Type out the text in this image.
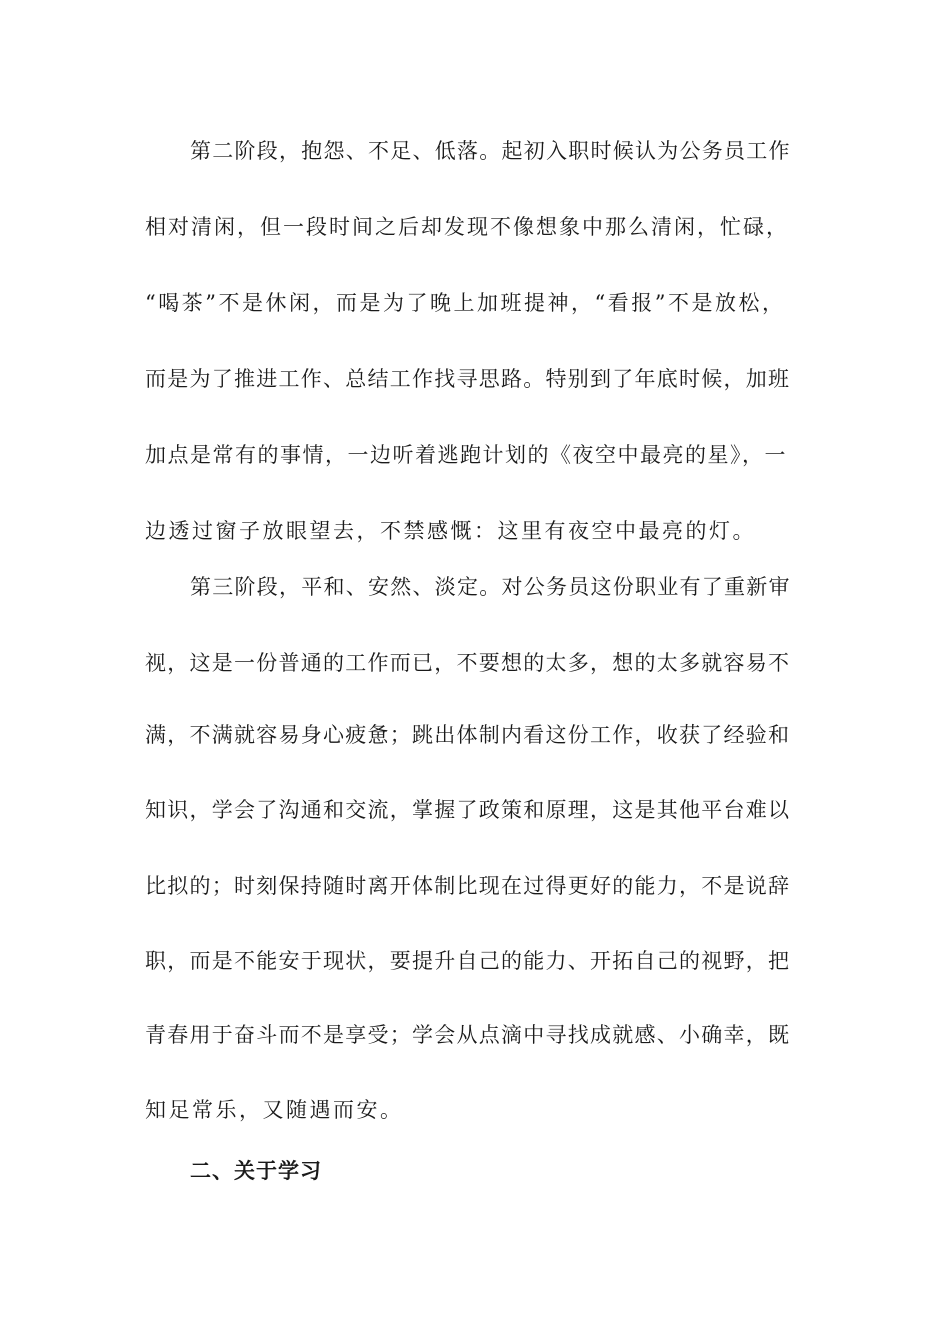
第二阶段，抱怨、不足、低落。起初入职时候认为公务员工作
相对清闲，但一段时间之后却发现不像想象中那么清闲，忙碌，
“喝茶”不是休闲，而是为了晚上加班提神，“看报”不是放松，
而是为了推进工作、总结工作找寻思路。特别到了年底时候，加班
加点是常有的事情，一边听着逃跑计划的《夜空中最亮的星》，一
边透过窗子放眼望去，不禁感慨：这里有夜空中最亮的灯。
第三阶段，平和、安然、淡定。对公务员这份职业有了重新审
视，这是一份普通的工作而已，不要想的太多，想的太多就容易不
满，不满就容易身心疲惫；跳出体制内看这份工作，收获了经验和
知识，学会了沟通和交流，掌握了政策和原理，这是其他平台难以
比拟的；时刻保持随时离开体制比现在过得更好的能力，不是说辞
职，而是不能安于现状，要提升自己的能力、开拓自己的视野，把
青春用于奋斗而不是享受；学会从点滴中寻找成就感、小确幸，既
知足常乐，又随遇而安。
二、关于学习
